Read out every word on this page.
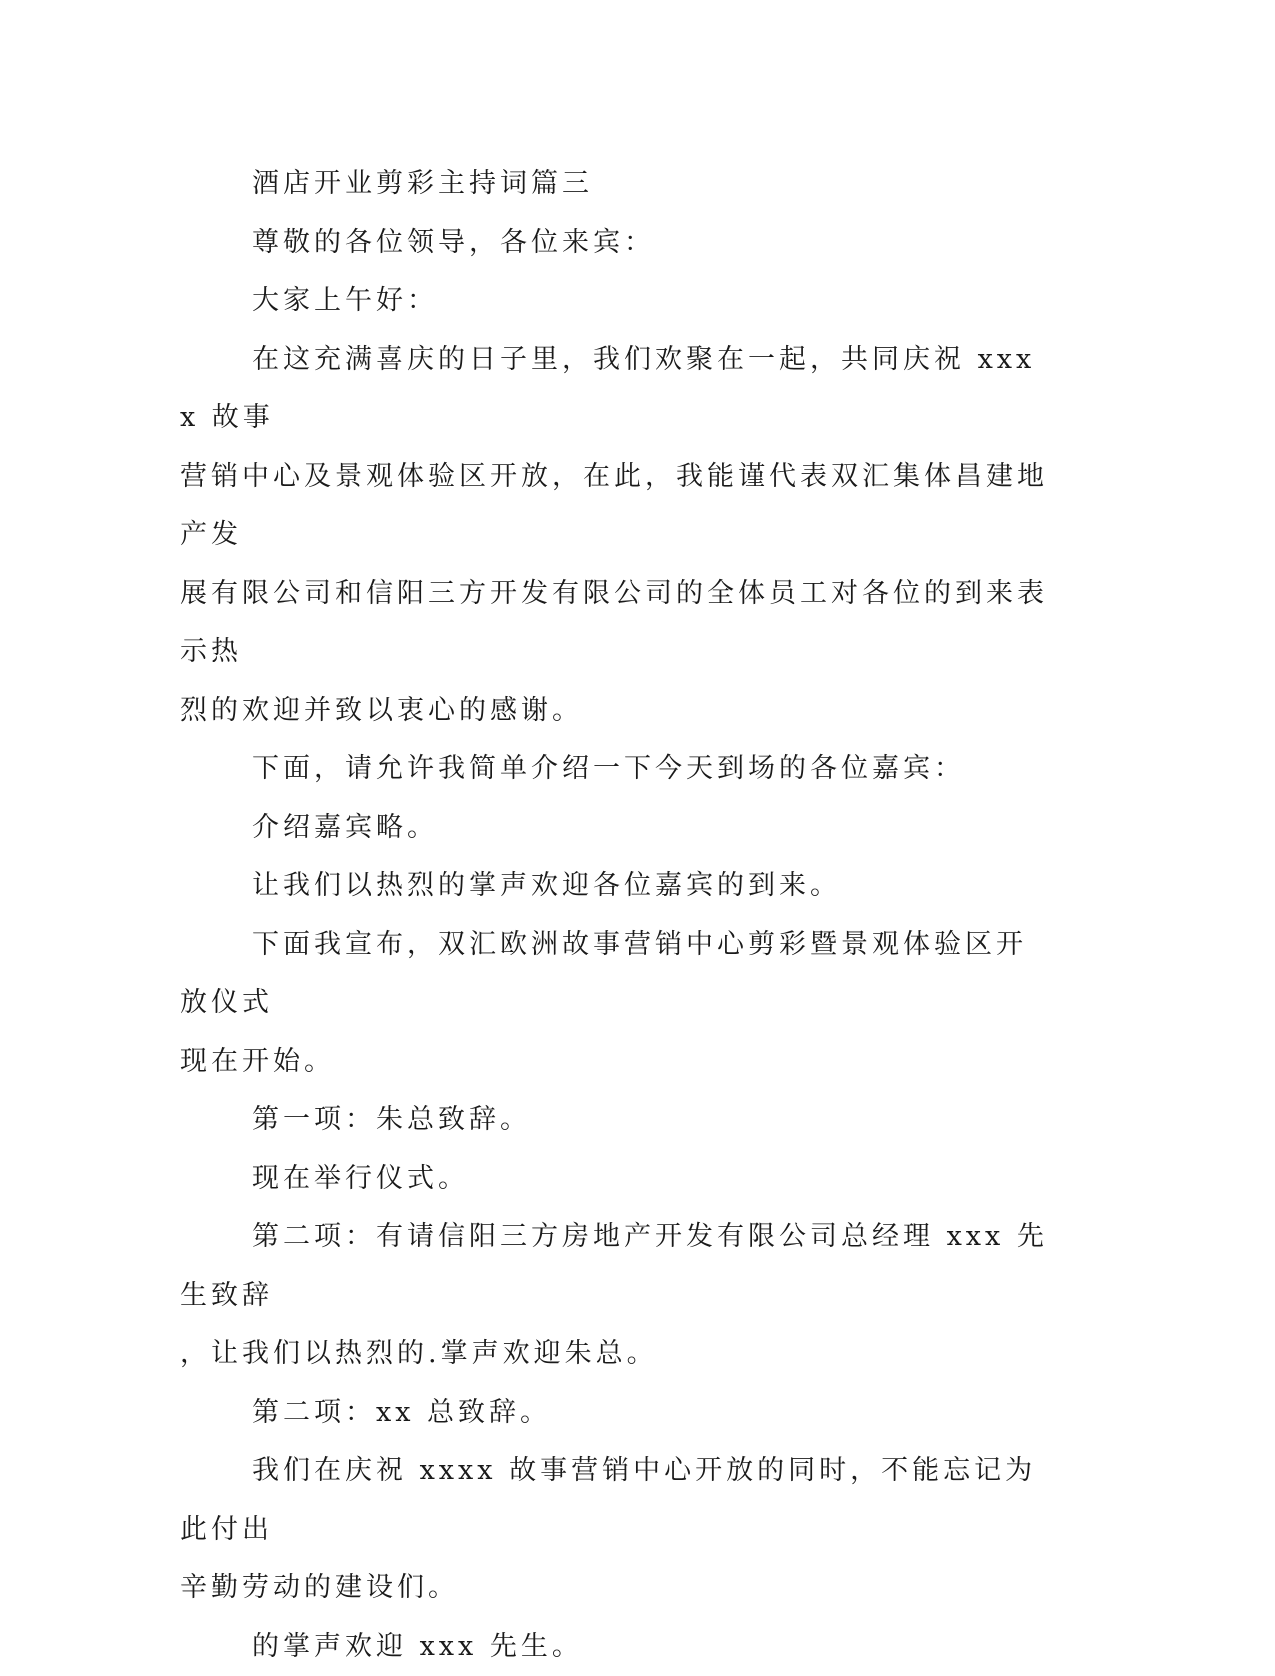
酒店开业剪彩主持词篇三

尊敬的各位领导，各位来宾：

大家上午好：

在这充满喜庆的日子里，我们欢聚在一起，共同庆祝 xxxx 故事
营销中心及景观体验区开放，在此，我能谨代表双汇集体昌建地产发
展有限公司和信阳三方开发有限公司的全体员工对各位的到来表示热
烈的欢迎并致以衷心的感谢。

下面，请允许我简单介绍一下今天到场的各位嘉宾：

介绍嘉宾略。

让我们以热烈的掌声欢迎各位嘉宾的到来。

下面我宣布，双汇欧洲故事营销中心剪彩暨景观体验区开放仪式
现在开始。

第一项：朱总致辞。

现在举行仪式。

第二项：有请信阳三方房地产开发有限公司总经理 xxx 先生致辞
，让我们以热烈的.掌声欢迎朱总。

第二项：xx 总致辞。

我们在庆祝 xxxx 故事营销中心开放的同时，不能忘记为此付出
辛勤劳动的建设们。

的掌声欢迎 xxx 先生。
